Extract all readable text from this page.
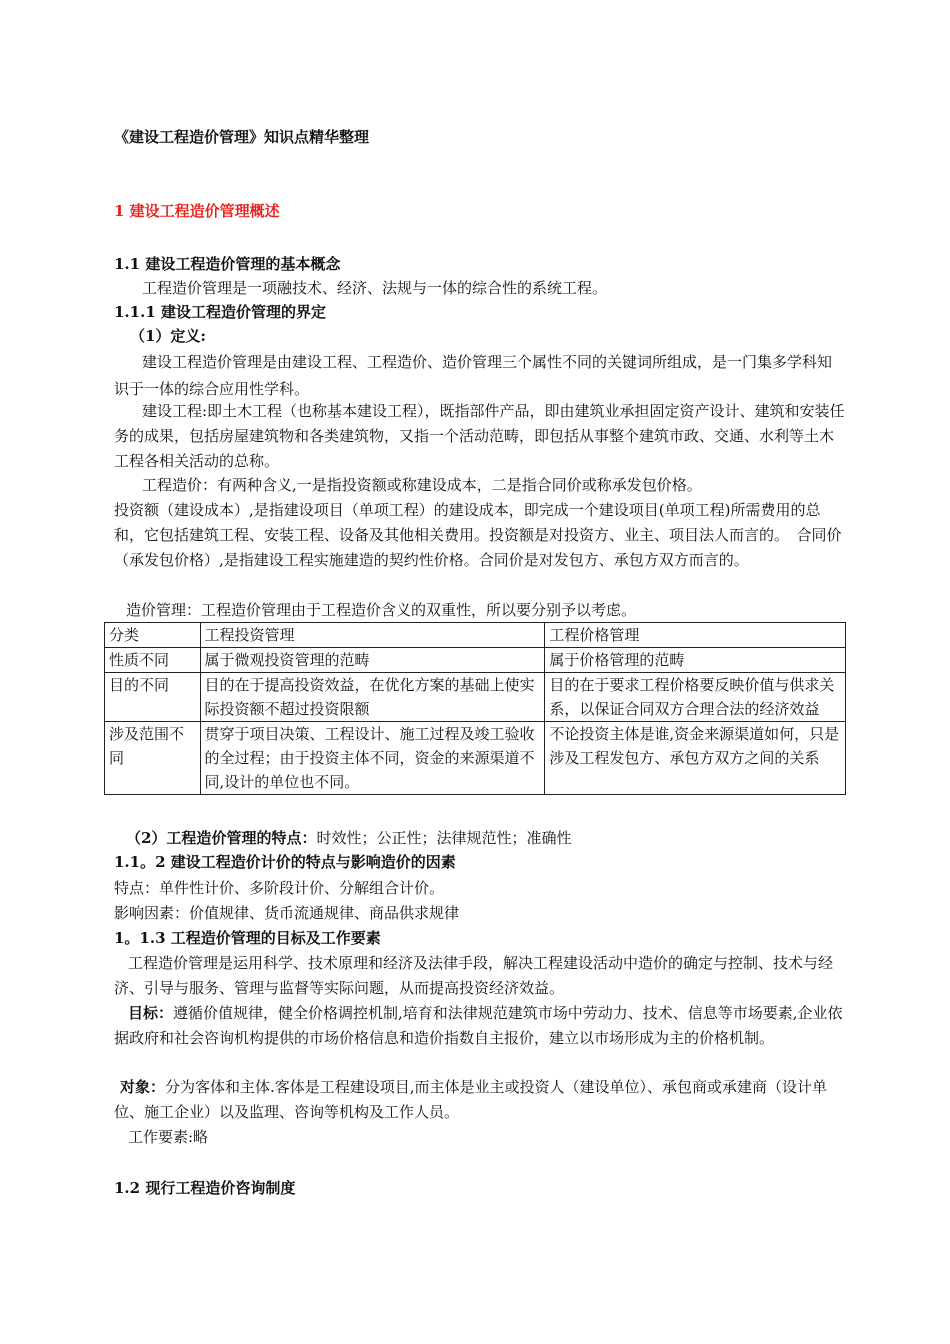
《建设工程造价管理》知识点精华整理
1 建设工程造价管理概述
1.1 建设工程造价管理的基本概念
工程造价管理是一项融技术、经济、法规与一体的综合性的系统工程。
1.1.1 建设工程造价管理的界定
（1）定义:
建设工程造价管理是由建设工程、工程造价、造价管理三个属性不同的关键词所组成，是一门集多学科知识于一体的综合应用性学科。
建设工程:即土木工程（也称基本建设工程），既指部件产品，即由建筑业承担固定资产设计、建筑和安装任务的成果，包括房屋建筑物和各类建筑物，又指一个活动范畴，即包括从事整个建筑市政、交通、水利等土木工程各相关活动的总称。
工程造价：有两种含义,一是指投资额或称建设成本，二是指合同价或称承发包价格。
投资额（建设成本）,是指建设项目（单项工程）的建设成本，即完成一个建设项目(单项工程)所需费用的总和，它包括建筑工程、安装工程、设备及其他相关费用。投资额是对投资方、业主、项目法人而言的。　合同价（承发包价格）,是指建设工程实施建造的契约性价格。合同价是对发包方、承包方双方而言的。
造价管理：工程造价管理由于工程造价含义的双重性，所以要分别予以考虑。
分类	工程投资管理	工程价格管理
性质不同	属于微观投资管理的范畴	属于价格管理的范畴
目的不同	目的在于提高投资效益，在优化方案的基础上使实际投资额不超过投资限额	目的在于要求工程价格要反映价值与供求关系，以保证合同双方合理合法的经济效益
涉及范围不同	贯穿于项目决策、工程设计、施工过程及竣工验收的全过程；由于投资主体不同，资金的来源渠道不同,设计的单位也不同。	不论投资主体是谁,资金来源渠道如何，只是涉及工程发包方、承包方双方之间的关系
（2）工程造价管理的特点：时效性；公正性；法律规范性；准确性
1.1。2 建设工程造价计价的特点与影响造价的因素
特点：单件性计价、多阶段计价、分解组合计价。
影响因素：价值规律、货币流通规律、商品供求规律
1。1.3 工程造价管理的目标及工作要素
工程造价管理是运用科学、技术原理和经济及法律手段，解决工程建设活动中造价的确定与控制、技术与经济、引导与服务、管理与监督等实际问题，从而提高投资经济效益。
目标：遵循价值规律，健全价格调控机制,培育和法律规范建筑市场中劳动力、技术、信息等市场要素,企业依据政府和社会咨询机构提供的市场价格信息和造价指数自主报价，建立以市场形成为主的价格机制。
对象：分为客体和主体.客体是工程建设项目,而主体是业主或投资人（建设单位）、承包商或承建商（设计单位、施工企业）以及监理、咨询等机构及工作人员。
工作要素:略
1.2 现行工程造价咨询制度
